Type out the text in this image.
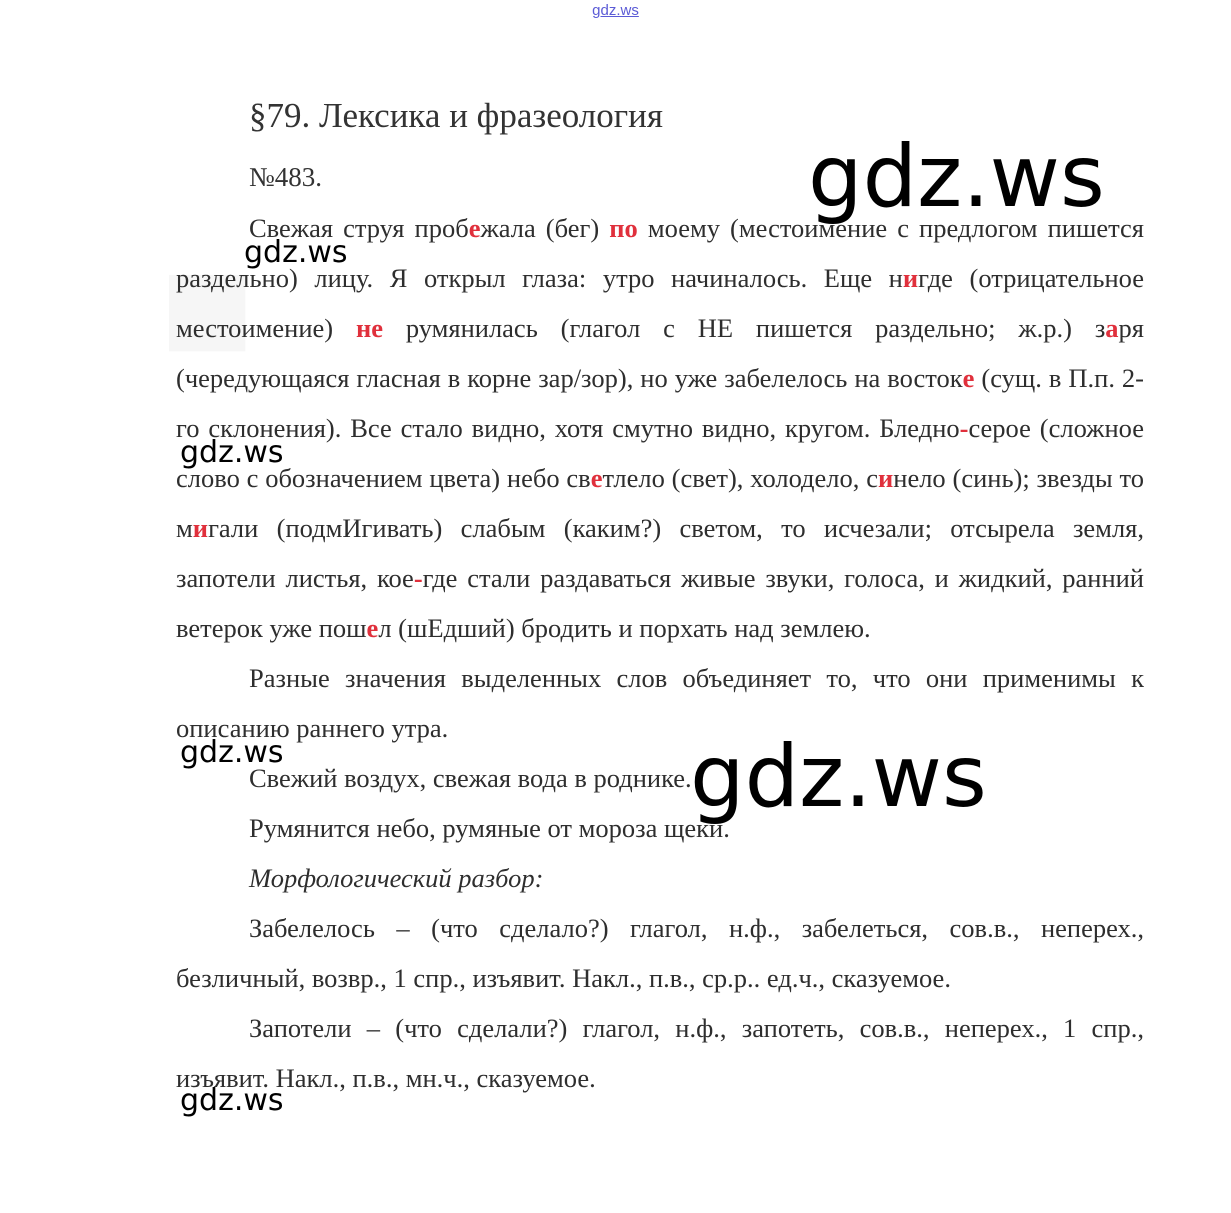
gdz.ws
§79. Лексика и фразеология
№483.

Свежая струя пробежала (бег) по моему (местоимение с предлогом пишется раздельно) лицу. Я открыл глаза: утро начиналось. Еще нигде (отрицательное местоимение) не румянилась (глагол с НЕ пишется раздельно; ж.р.) заря (чередующаяся гласная в корне зар/зор), но уже забелелось на востоке (сущ. в П.п. 2-го склонения). Все стало видно, хотя смутно видно, кругом. Бледно-серое (сложное слово с обозначением цвета) небо светлело (свет), холодело, синело (синь); звезды то мигали (подмИгивать) слабым (каким?) светом, то исчезали; отсырела земля, запотели листья, кое-где стали раздаваться живые звуки, голоса, и жидкий, ранний ветерок уже пошел (шЕдший) бродить и порхать над землею.

Разные значения выделенных слов объединяет то, что они применимы к описанию раннего утра.

Свежий воздух, свежая вода в роднике.

Румянится небо, румяные от мороза щеки.

Морфологический разбор:

Забелелось – (что сделало?) глагол, н.ф., забелеться, сов.в., неперех., безличный, возвр., 1 спр., изъявит. Накл., п.в., ср.р.. ед.ч., сказуемое.

Запотели – (что сделали?) глагол, н.ф., запотеть, сов.в., неперех., 1 спр., изъявит. Накл., п.в., мн.ч., сказуемое.

gdz.ws
gdz.ws
gdz.ws
gdz.ws
gdz.ws
gdz.ws
